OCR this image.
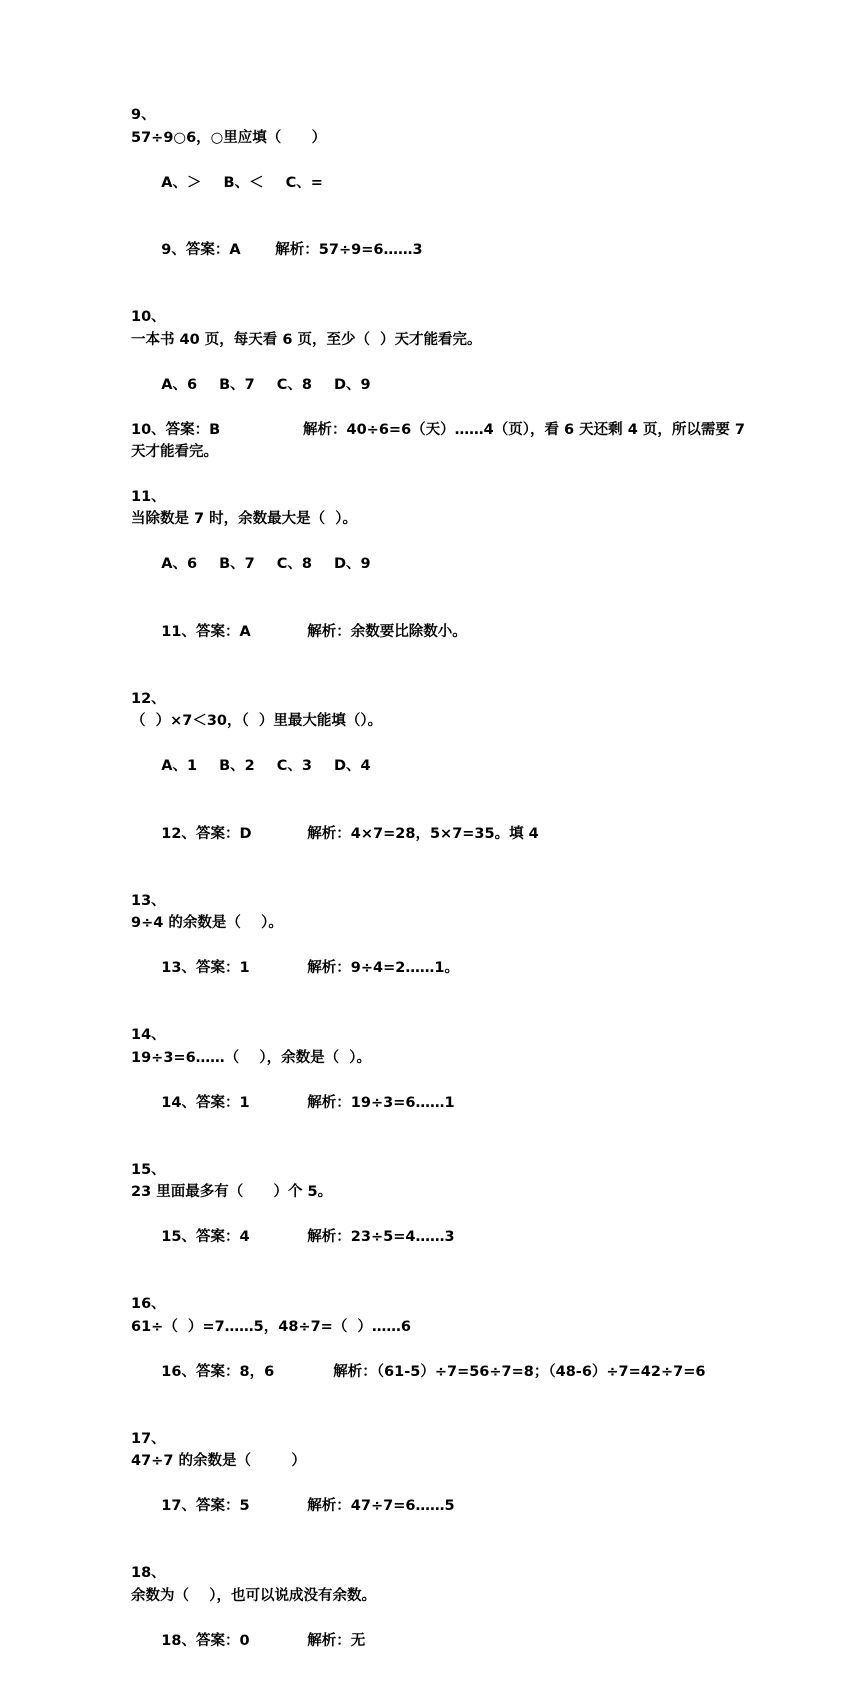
9、
57÷9○6，○里应填（      ）

A、＞ B、＜ C、=

9、答案：A 解析：57÷9=6……3

10、
一本书 40 页，每天看 6 页，至少（  ）天才能看完。

A、6 B、7 C、8 D、9

10、答案：B	解析：40÷6=6（天）……4（页），看 6 天还剩 4 页，所以需要 7 天才能看完。
11、
当除数是 7 时，余数最大是（  ）。

A、6 B、7 C、8 D、9

11、答案：A	解析：余数要比除数小。

12、
（  ）×7＜30，（  ）里最大能填（）。

A、1 B、2 C、3 D、4

12、答案：D	解析：4×7=28，5×7=35。填 4

13、
9÷4 的余数是（    ）。

13、答案：1	解析：9÷4=2……1。

14、
19÷3=6……（    ），余数是（  ）。

14、答案：1	解析：19÷3=6……1

15、
23 里面最多有（      ）个 5。

15、答案：4	解析：23÷5=4……3

16、
61÷（  ）=7……5，48÷7=（  ）……6

16、答案：8，6	解析：（61-5）÷7=56÷7=8；（48-6）÷7=42÷7=6

17、
47÷7 的余数是（        ）

17、答案：5	解析：47÷7=6……5

18、
余数为（    ），也可以说成没有余数。

18、答案：0	解析：无
